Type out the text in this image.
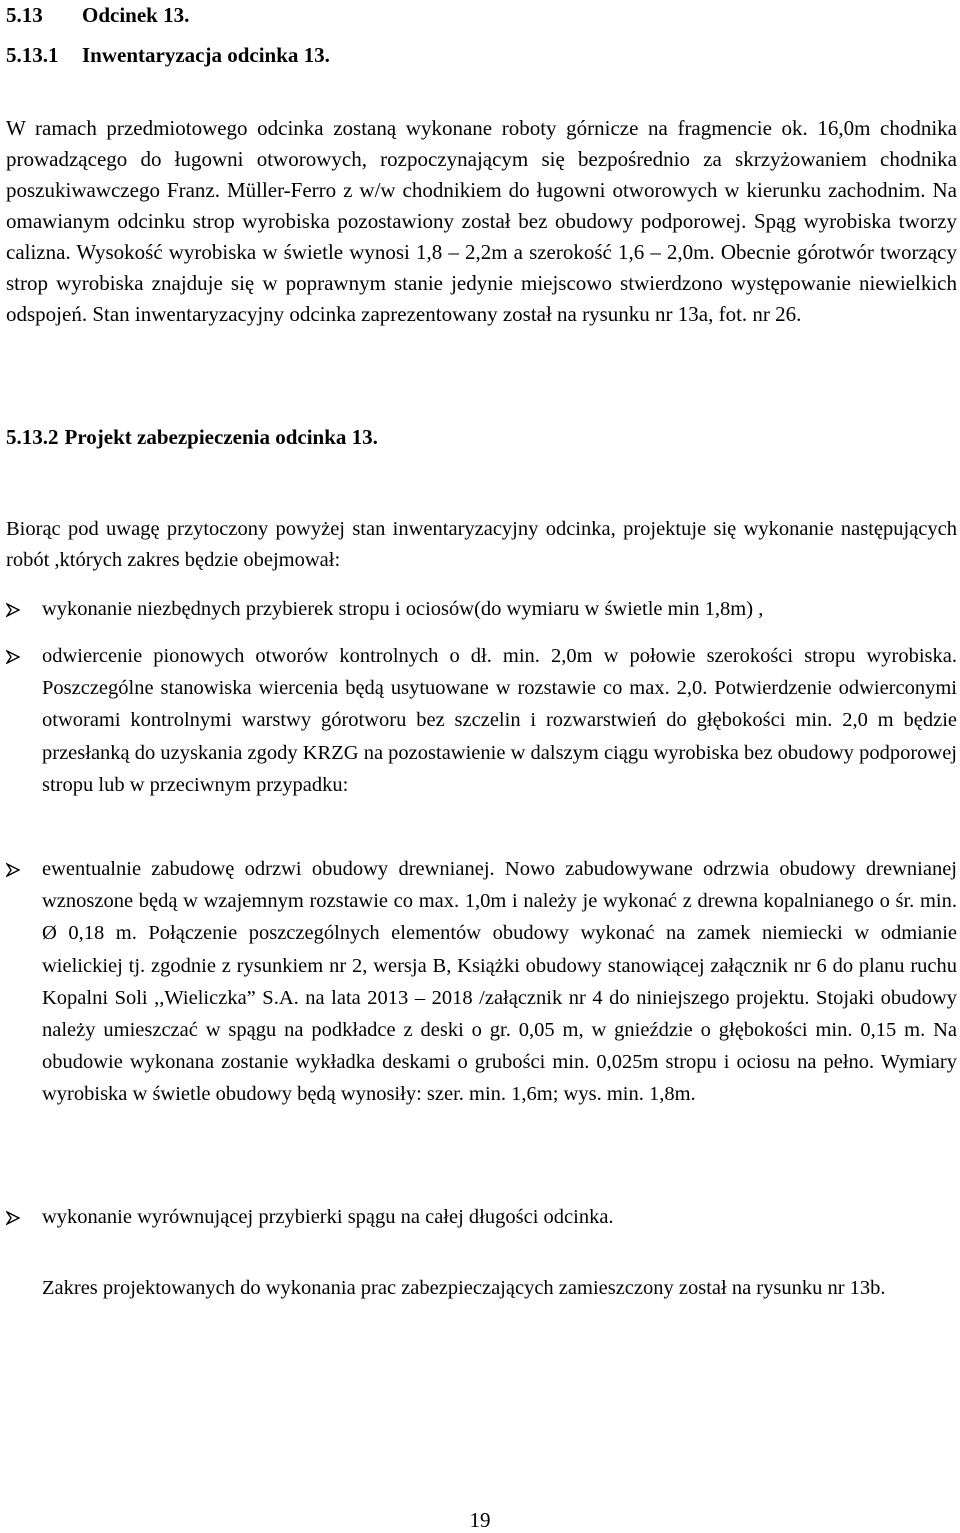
5.13 Odcinek 13.
5.13.1 Inwentaryzacja odcinka 13.

W ramach przedmiotowego odcinka zostaną wykonane roboty górnicze na fragmencie ok. 16,0m chodnika prowadzącego do ługowni otworowych, rozpoczynającym się bezpośrednio za skrzyżowaniem chodnika poszukiwawczego Franz. Müller-Ferro z w/w chodnikiem do ługowni otworowych w kierunku zachodnim. Na omawianym odcinku strop wyrobiska pozostawiony został bez obudowy podporowej. Spąg wyrobiska tworzy calizna. Wysokość wyrobiska w świetle wynosi 1,8 – 2,2m a szerokość 1,6 – 2,0m. Obecnie górotwór tworzący strop wyrobiska znajduje się w poprawnym stanie jedynie miejscowo stwierdzono występowanie niewielkich odspojeń. Stan inwentaryzacyjny odcinka zaprezentowany został na rysunku nr 13a, fot. nr 26.

5.13.2 Projekt zabezpieczenia odcinka 13.

Biorąc pod uwagę przytoczony powyżej stan inwentaryzacyjny odcinka, projektuje się wykonanie następujących robót ,których zakres będzie obejmował:

wykonanie niezbędnych przybierek stropu i ociosów(do wymiaru w świetle min 1,8m) ,
odwiercenie pionowych otworów kontrolnych o dł. min. 2,0m w połowie szerokości stropu wyrobiska. Poszczególne stanowiska wiercenia będą usytuowane w rozstawie co max. 2,0. Potwierdzenie odwierconymi otworami kontrolnymi warstwy górotworu bez szczelin i rozwarstwień do głębokości min. 2,0 m będzie przesłanką do uzyskania zgody KRZG na pozostawienie w dalszym ciągu wyrobiska bez obudowy podporowej stropu lub w przeciwnym przypadku:
ewentualnie zabudowę odrzwi obudowy drewnianej. Nowo zabudowywane odrzwia obudowy drewnianej wznoszone będą w wzajemnym rozstawie co max. 1,0m i należy je wykonać z drewna kopalnianego o śr. min. Ø 0,18 m. Połączenie poszczególnych elementów obudowy wykonać na zamek niemiecki w odmianie wielickiej tj. zgodnie z rysunkiem nr 2, wersja B, Książki obudowy stanowiącej załącznik nr 6 do planu ruchu Kopalni Soli ,,Wieliczka” S.A. na lata 2013 – 2018 /załącznik nr 4 do niniejszego projektu. Stojaki obudowy należy umieszczać w spągu na podkładce z deski o gr. 0,05 m, w gnieździe o głębokości min. 0,15 m. Na obudowie wykonana zostanie wykładka deskami o grubości min. 0,025m stropu i ociosu na pełno. Wymiary wyrobiska w świetle obudowy będą wynosiły: szer. min. 1,6m; wys. min. 1,8m.
wykonanie wyrównującej przybierki spągu na całej długości odcinka.

Zakres projektowanych do wykonania prac zabezpieczających zamieszczony został na rysunku nr 13b.

19
